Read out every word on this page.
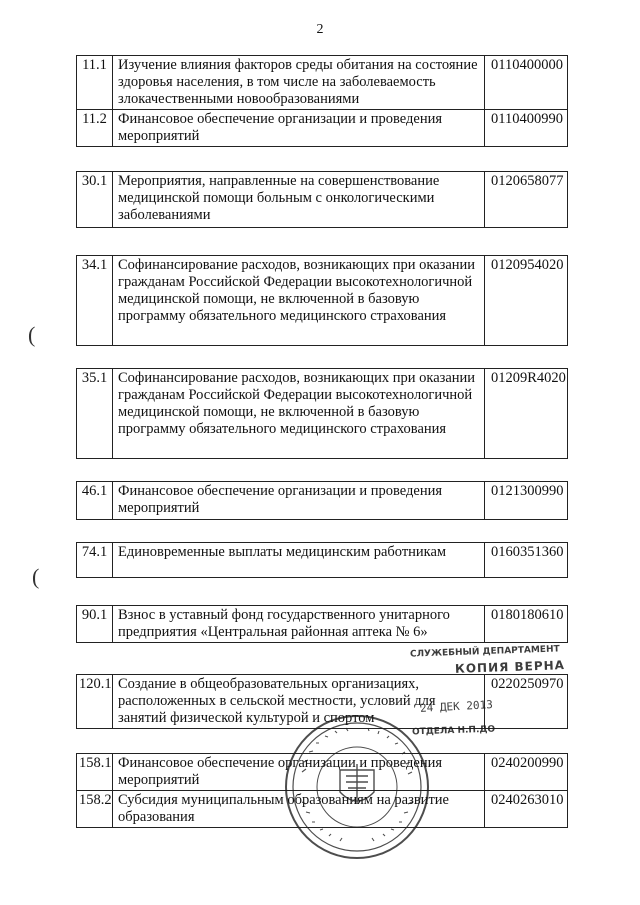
2
(
(
11.1	Изучение влияния факторов среды обитания на состояние здоровья населения, в том числе на заболеваемость злокачественными новообразованиями	0110400000
11.2	Финансовое обеспечение организации и проведения мероприятий	0110400990
30.1	Мероприятия, направленные на совершенствование медицинской помощи больным с онкологическими заболеваниями	0120658077
34.1	Софинансирование расходов, возникающих при оказании гражданам Российской Федерации высокотехнологичной медицинской помощи, не включенной в базовую программу обязательного медицинского страхования	0120954020
35.1	Софинансирование расходов, возникающих при оказании гражданам Российской Федерации высокотехнологичной медицинской помощи, не включенной в базовую программу обязательного медицинского страхования	01209R4020
46.1	Финансовое обеспечение организации и проведения мероприятий	0121300990
74.1	Единовременные выплаты медицинским работникам	0160351360
90.1	Взнос в уставный фонд государственного унитарного предприятия «Центральная районная аптека № 6»	0180180610
120.1	Создание в общеобразовательных организациях, расположенных в сельской местности, условий для занятий физической культурой и спортом	0220250970
158.1	Финансовое обеспечение организации и проведения мероприятий	0240200990
158.2	Субсидия муниципальным образованиям на развитие образования	0240263010
СЛУЖЕБНЫЙ ДЕПАРТАМЕНТ
КОПИЯ ВЕРНА
24 ДЕК 2013
ОТДЕЛА Н.П.ДО
